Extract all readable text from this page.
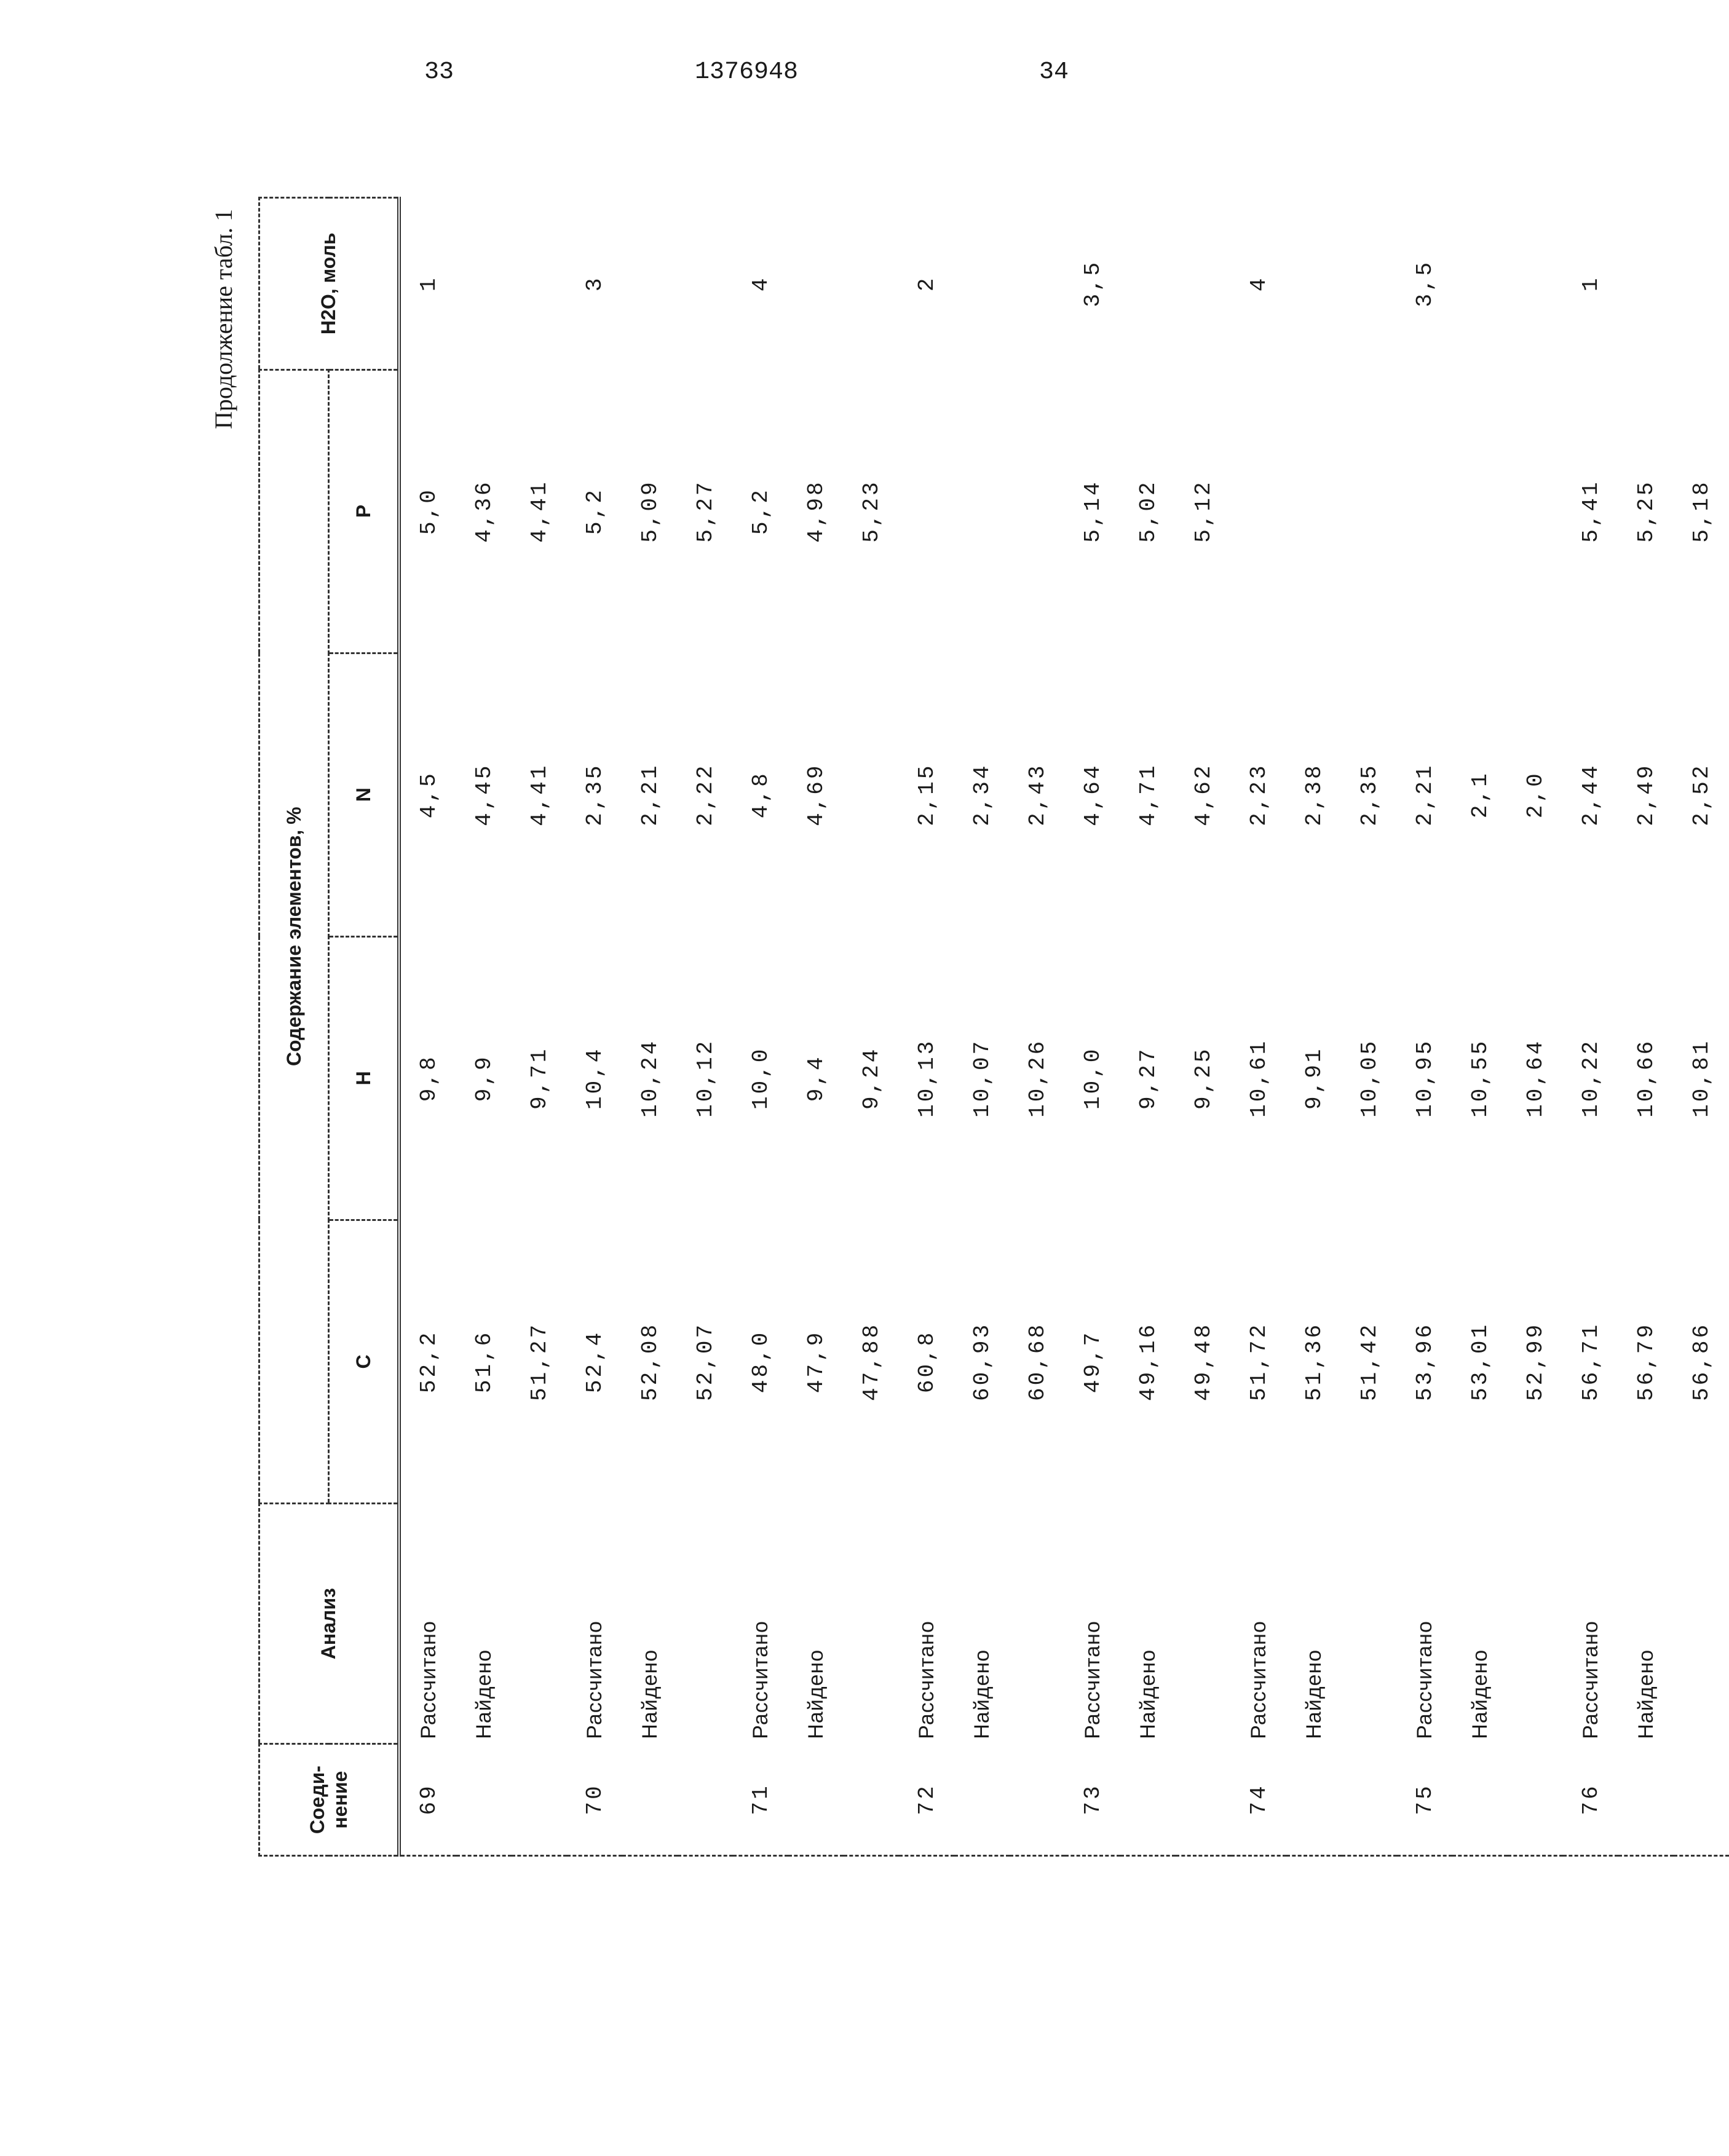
33	1376948	34
Продолжение табл. 1
Соеди-нение	Анализ	Содержание элементов, %				H2O, моль
		C	H	N	P	
69	Рассчитано	52,2	9,8	4,5	5,0	1
	Найдено	51,6	9,9	4,45	4,36	
		51,27	9,71	4,41	4,41	
70	Рассчитано	52,4	10,4	2,35	5,2	3
	Найдено	52,08	10,24	2,21	5,09	
		52,07	10,12	2,22	5,27	
71	Рассчитано	48,0	10,0	4,8	5,2	4
	Найдено	47,9	9,4	4,69	4,98	
		47,88	9,24		5,23	
72	Рассчитано	60,8	10,13	2,15		2
	Найдено	60,93	10,07	2,34		
		60,68	10,26	2,43		
73	Рассчитано	49,7	10,0	4,64	5,14	3,5
	Найдено	49,16	9,27	4,71	5,02	
		49,48	9,25	4,62	5,12	
74	Рассчитано	51,72	10,61	2,23		4
	Найдено	51,36	9,91	2,38		
		51,42	10,05	2,35		
75	Рассчитано	53,96	10,95	2,21		3,5
	Найдено	53,01	10,55	2,1		
		52,99	10,64	2,0		
76	Рассчитано	56,71	10,22	2,44	5,41	1
	Найдено	56,79	10,66	2,49	5,25	
		56,86	10,81	2,52	5,18	
